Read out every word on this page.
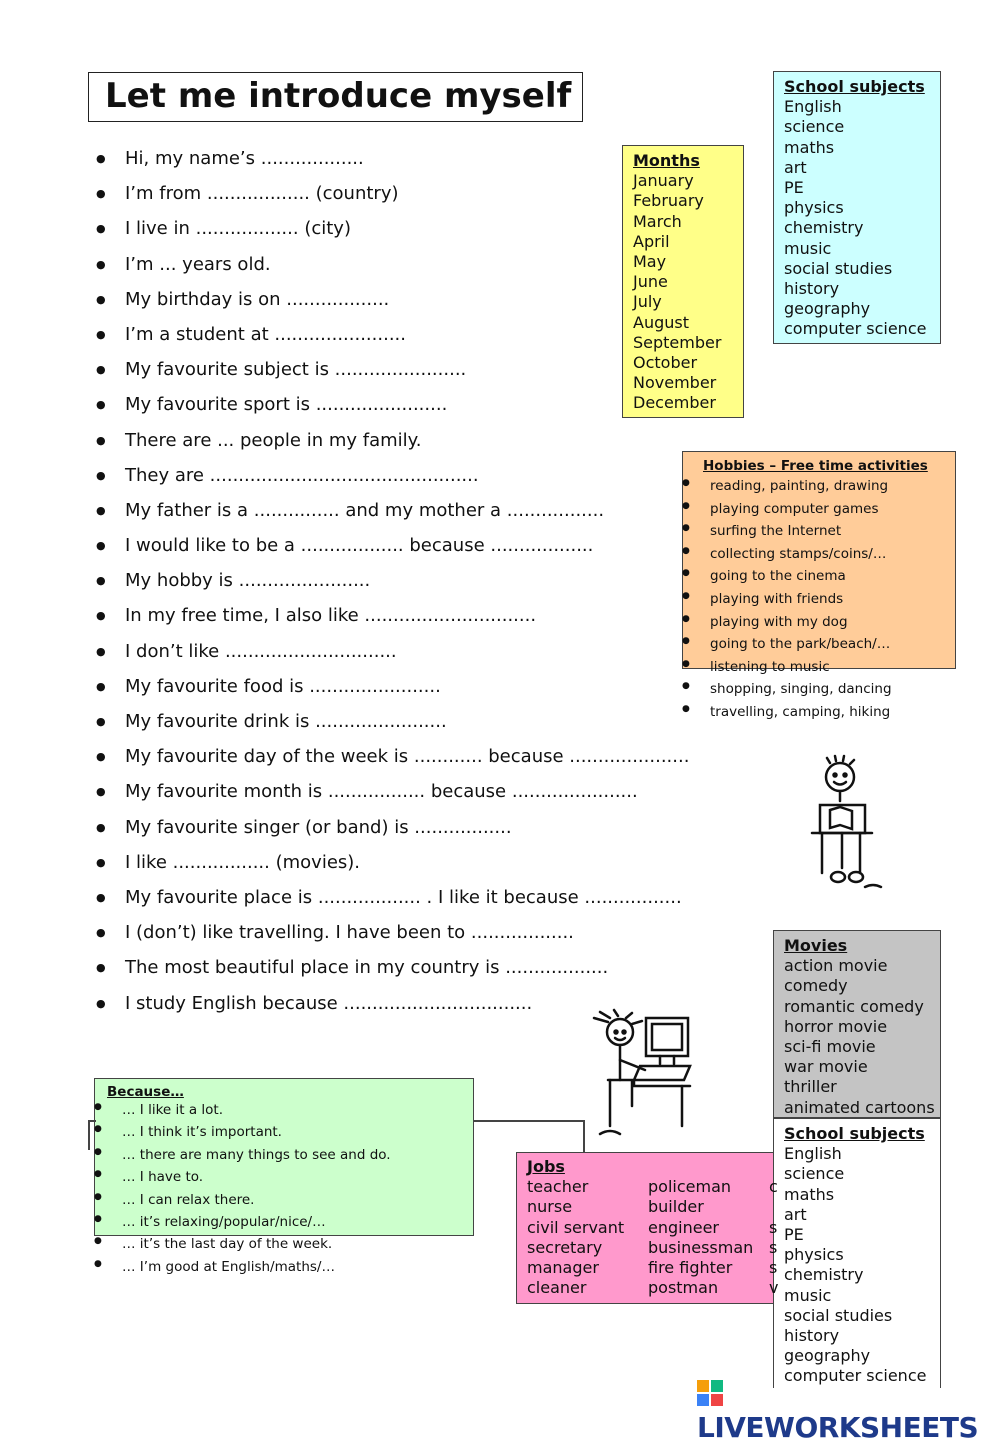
Let me introduce myself
● Hi, my name’s ..................
● I’m from .................. (country)
● I live in .................. (city)
● I’m ... years old.
● My birthday is on ..................
● I’m a student at .......................
● My favourite subject is .......................
● My favourite sport is .......................
● There are ... people in my family.
● They are ...............................................
● My father is a ............... and my mother a .................
● I would like to be a .................. because ..................
● My hobby is .......................
● In my free time, I also like ..............................
● I don’t like ..............................
● My favourite food is .......................
● My favourite drink is .......................
● My favourite day of the week is ............ because .....................
● My favourite month is ................. because ......................
● My favourite singer (or band) is .................
● I like ................. (movies).
● My favourite place is .................. . I like it because .................
● I (don’t) like travelling. I have been to ..................
● The most beautiful place in my country is ..................
● I study English because .................................
Months
January
February
March
April
May
June
July
August
September
October
November
December
School subjects
English
science
maths
art
PE
physics
chemistry
music
social studies
history
geography
computer science
Hobbies – Free time activities
● reading, painting, drawing
● playing computer games
● surfing the Internet
● collecting stamps/coins/…
● going to the cinema
● playing with friends
● playing with my dog
● going to the park/beach/…
● listening to music
● shopping, singing, dancing
● travelling, camping, hiking
Movies
action movie
comedy
romantic comedy
horror movie
sci-fi movie
war movie
thriller
animated cartoons
School subjects
English
science
maths
art
PE
physics
chemistry
music
social studies
history
geography
computer science
Because…
● … I like it a lot.
● … I think it’s important.
● … there are many things to see and do.
● … I have to.
● … I can relax there.
● … it’s relaxing/popular/nice/…
● … it’s the last day of the week.
● … I’m good at English/maths/…
Jobs
teacher
nurse
civil servant
secretary
manager
cleaner
policeman
builder
engineer
businessman
fire fighter
postman
c
s
s
s
v
LIVEWORKSHEETS
